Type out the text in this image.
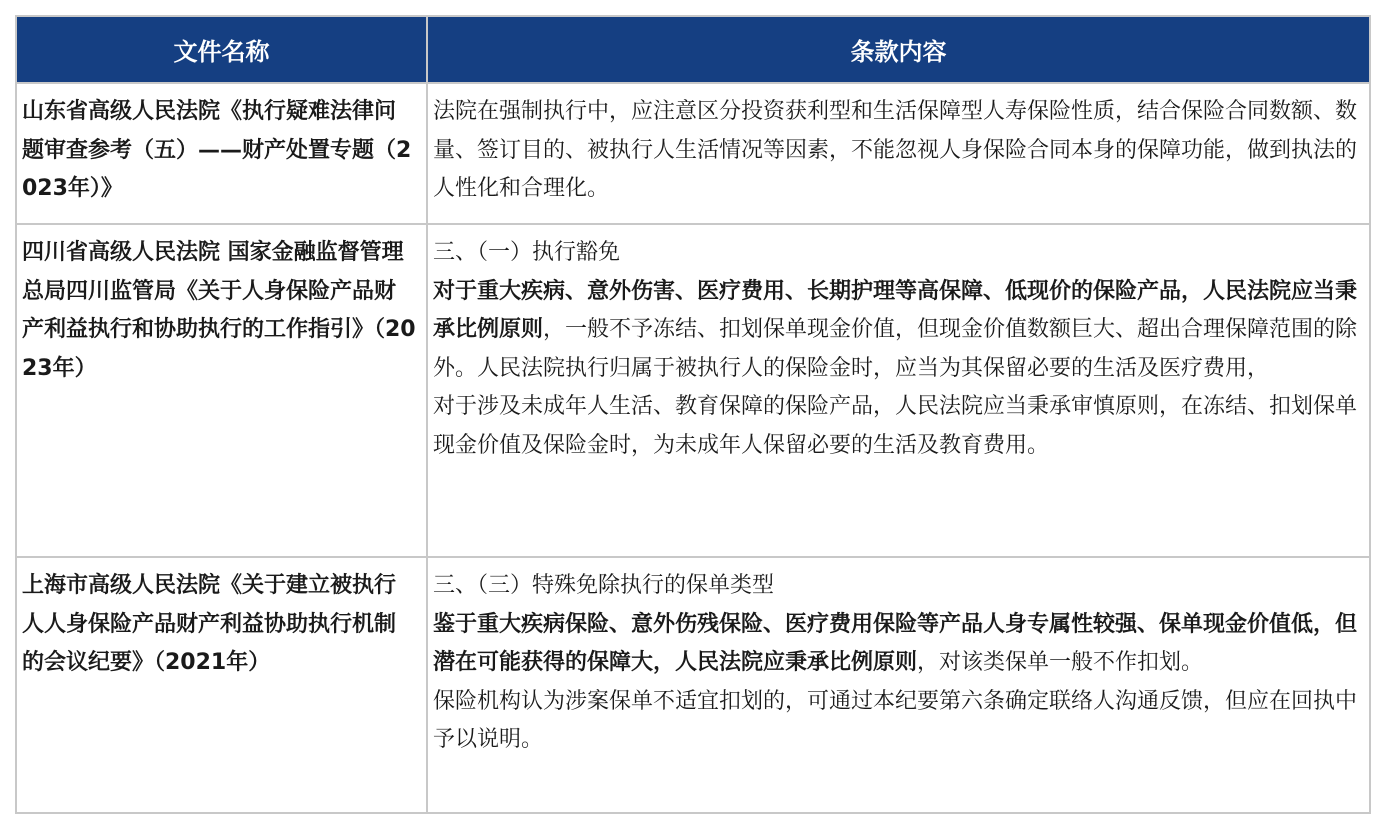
文件名称	条款内容
山东省高级人民法院《执行疑难法律问题审查参考（五）——财产处置专题（2023年）》	法院在强制执行中，应注意区分投资获利型和生活保障型人寿保险性质，结合保险合同数额、数量、签订目的、被执行人生活情况等因素，不能忽视人身保险合同本身的保障功能，做到执法的人性化和合理化。

四川省高级人民法院 国家金融监督管理总局四川监管局《关于人身保险产品财产利益执行和协助执行的工作指引》（2023年）	三、（一）执行豁免
对于重大疾病、意外伤害、医疗费用、长期护理等高保障、低现价的保险产品，人民法院应当秉承比例原则，一般不予冻结、扣划保单现金价值，但现金价值数额巨大、超出合理保障范围的除外。人民法院执行归属于被执行人的保险金时，应当为其保留必要的生活及医疗费用，
对于涉及未成年人生活、教育保障的保险产品，人民法院应当秉承审慎原则，在冻结、扣划保单现金价值及保险金时，为未成年人保留必要的生活及教育费用。

上海市高级人民法院《关于建立被执行人人身保险产品财产利益协助执行机制的会议纪要》（2021年）	三、（三）特殊免除执行的保单类型
鉴于重大疾病保险、意外伤残保险、医疗费用保险等产品人身专属性较强、保单现金价值低，但潜在可能获得的保障大，人民法院应秉承比例原则，对该类保单一般不作扣划。
保险机构认为涉案保单不适宜扣划的，可通过本纪要第六条确定联络人沟通反馈，但应在回执中予以说明。
